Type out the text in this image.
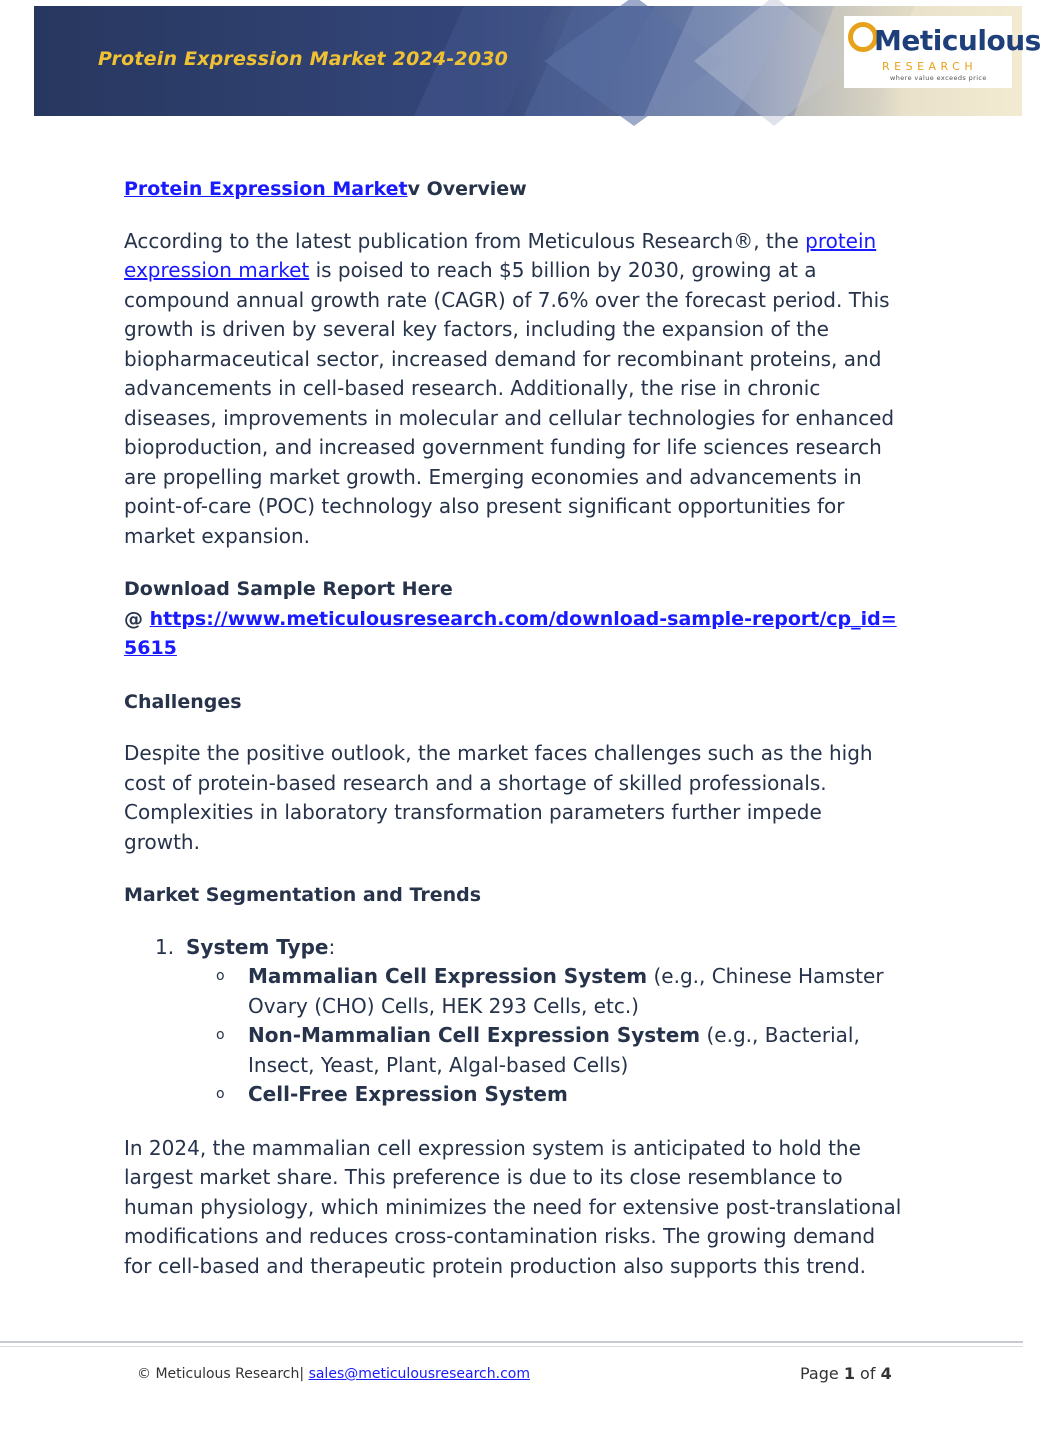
Protein Expression Market 2024-2030
Meticulous
RESEARCH
where value exceeds price

Protein Expression Marketv Overview

According to the latest publication from Meticulous Research®, the protein expression market is poised to reach $5 billion by 2030, growing at a compound annual growth rate (CAGR) of 7.6% over the forecast period. This growth is driven by several key factors, including the expansion of the biopharmaceutical sector, increased demand for recombinant proteins, and advancements in cell-based research. Additionally, the rise in chronic diseases, improvements in molecular and cellular technologies for enhanced bioproduction, and increased government funding for life sciences research are propelling market growth. Emerging economies and advancements in point-of-care (POC) technology also present significant opportunities for market expansion.

Download Sample Report Here

@ https://www.meticulousresearch.com/download-sample-report/cp_id=5615

Challenges

Despite the positive outlook, the market faces challenges such as the high cost of protein-based research and a shortage of skilled professionals. Complexities in laboratory transformation parameters further impede growth.

Market Segmentation and Trends

1. System Type:
o Mammalian Cell Expression System (e.g., Chinese Hamster Ovary (CHO) Cells, HEK 293 Cells, etc.)
o Non-Mammalian Cell Expression System (e.g., Bacterial, Insect, Yeast, Plant, Algal-based Cells)
o Cell-Free Expression System

In 2024, the mammalian cell expression system is anticipated to hold the largest market share. This preference is due to its close resemblance to human physiology, which minimizes the need for extensive post-translational modifications and reduces cross-contamination risks. The growing demand for cell-based and therapeutic protein production also supports this trend.

© Meticulous Research| sales@meticulousresearch.com	Page 1 of 4
